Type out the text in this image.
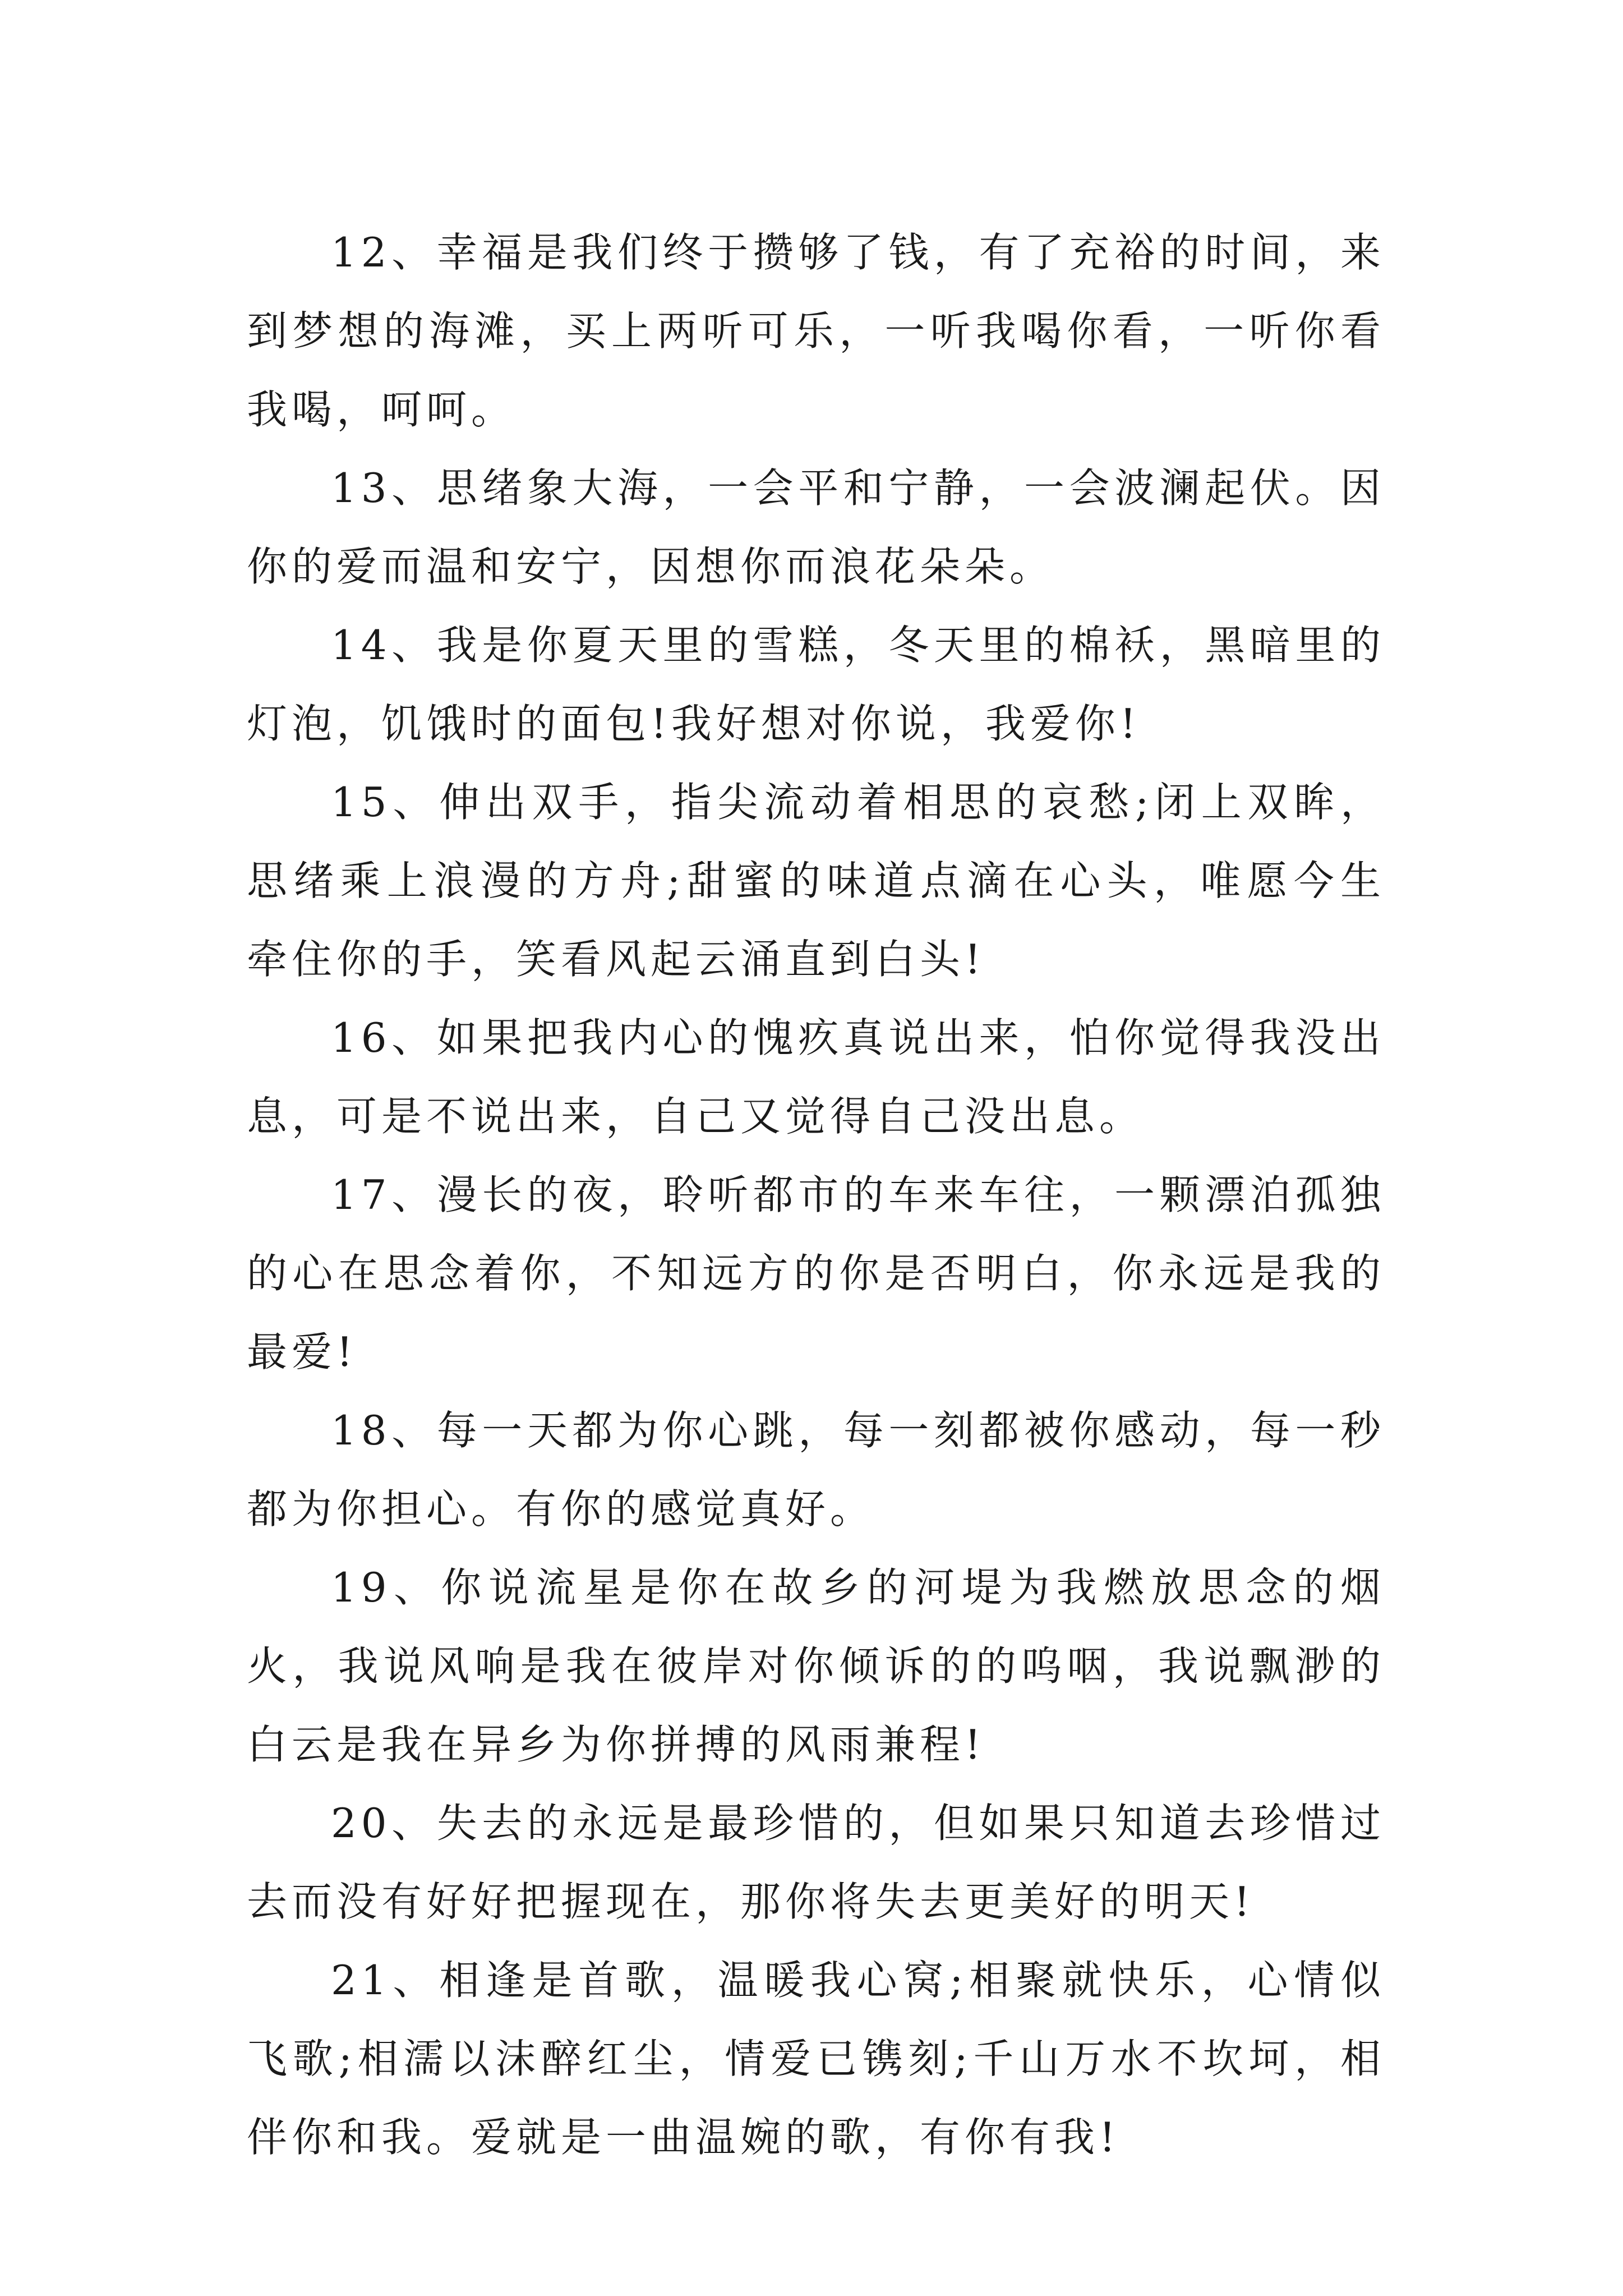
12、幸福是我们终于攒够了钱，有了充裕的时间，来到梦想的海滩，买上两听可乐，一听我喝你看，一听你看我喝，呵呵。

13、思绪象大海，一会平和宁静，一会波澜起伏。因你的爱而温和安宁，因想你而浪花朵朵。

14、我是你夏天里的雪糕，冬天里的棉袄，黑暗里的灯泡，饥饿时的面包!我好想对你说，我爱你!

15、伸出双手，指尖流动着相思的哀愁;闭上双眸，思绪乘上浪漫的方舟;甜蜜的味道点滴在心头，唯愿今生牵住你的手，笑看风起云涌直到白头!

16、如果把我内心的愧疚真说出来，怕你觉得我没出息，可是不说出来，自己又觉得自己没出息。

17、漫长的夜，聆听都市的车来车往，一颗漂泊孤独的心在思念着你，不知远方的你是否明白，你永远是我的最爱!

18、每一天都为你心跳，每一刻都被你感动，每一秒都为你担心。有你的感觉真好。

19、你说流星是你在故乡的河堤为我燃放思念的烟火，我说风响是我在彼岸对你倾诉的的呜咽，我说飘渺的白云是我在异乡为你拼搏的风雨兼程!

20、失去的永远是最珍惜的，但如果只知道去珍惜过去而没有好好把握现在，那你将失去更美好的明天!

21、相逢是首歌，温暖我心窝;相聚就快乐，心情似飞歌;相濡以沫醉红尘，情爱已镌刻;千山万水不坎坷，相伴你和我。爱就是一曲温婉的歌，有你有我!
